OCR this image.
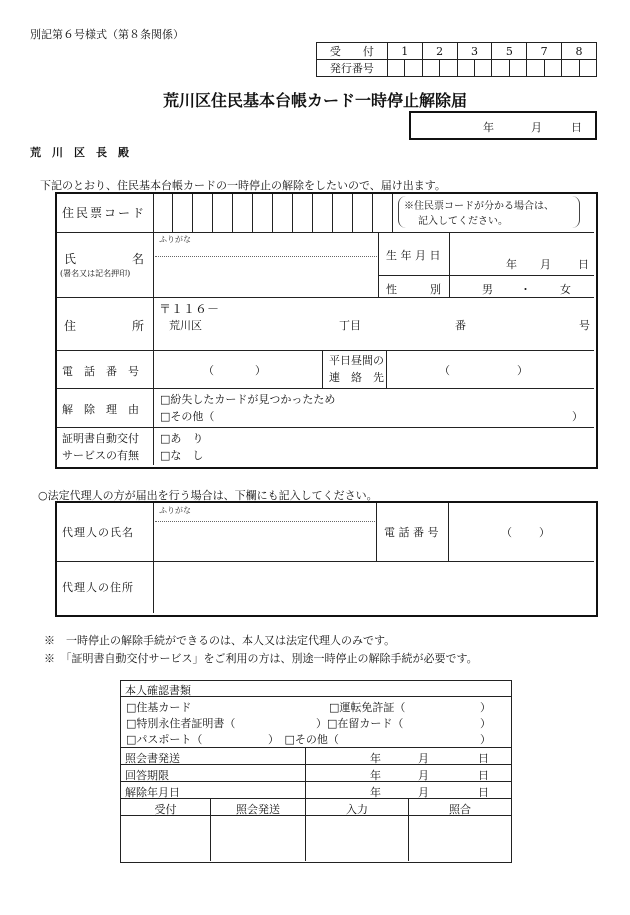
別記第６号様式（第８条関係）
受　　付	1	2	3	5	7	8
発行番号						
荒川区住民基本台帳カード一時停止解除届
年	月	日
荒　川　区　長　殿
下記のとおり、住民基本台帳カードの一時停止の解除をしたいので、届け出ます。
住民票コード	※住民票コードが分かる場合は、
記入してください。
ふりがな
氏	名
(署名又は記名押印)
生 年 月 日
年 月 日
性　　　別	男 ・	女
住	所
〒１１６－
荒川区	丁目	番	号
電　話　番　号	（	）
平日昼間の
連　絡　先
（	）
解　除　理　由
□紛失したカードが見つかったため
□その他（	）
証明書自動交付
サービスの有無
□あ　り
□な　し
○法定代理人の方が届出を行う場合は、下欄にも記入してください。
代理人の氏名
ふりがな
電 話 番 号	（ ）
代理人の住所
※　一時停止の解除手続ができるのは、本人又は法定代理人のみです。
※　「証明書自動交付サービス」をご利用の方は、別途一時停止の解除手続が必要です。
本人確認書類
□住基カード	□運転免許証（	）
□特別永住者証明書（	）□在留カード（	）
□パスポート（	）　□その他（	）
照会書発送	年	月	日
回答期限	年	月	日
解除年月日	年	月	日
受付	照会発送	入力	照合
